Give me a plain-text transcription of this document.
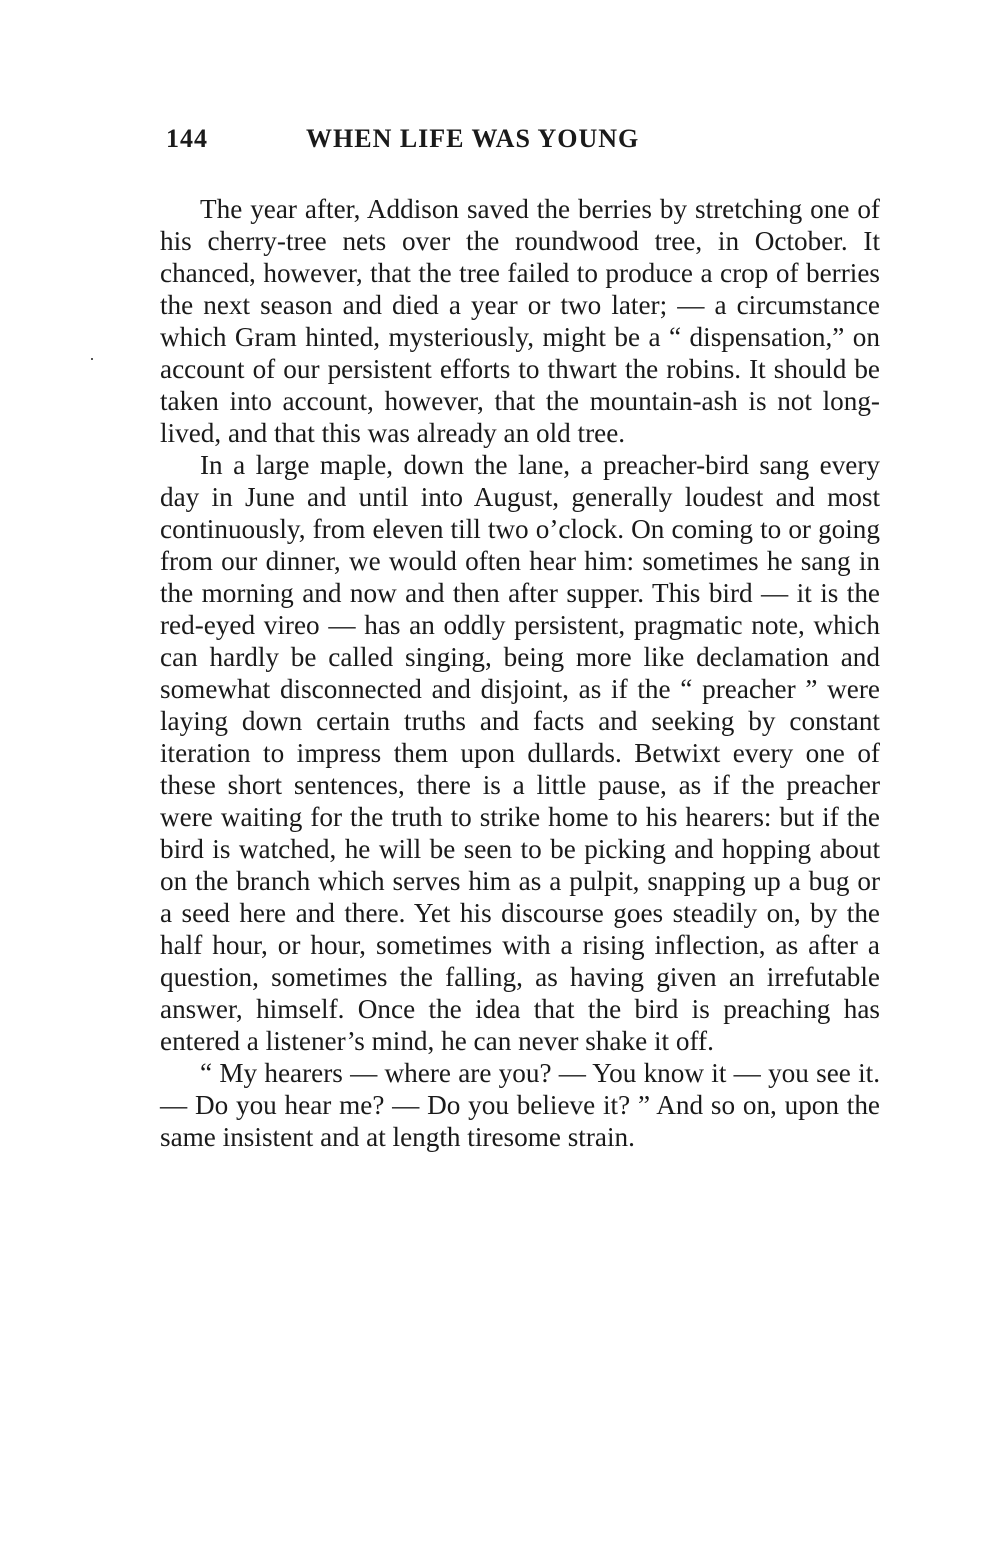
144	WHEN LIFE WAS YOUNG

The year after, Addison saved the berries by stretching one of his cherry-tree nets over the roundwood tree, in October. It chanced, however, that the tree failed to produce a crop of berries the next season and died a year or two later; — a circumstance which Gram hinted, mysteriously, might be a “ dispensation,” on account of our persistent efforts to thwart the robins. It should be taken into account, however, that the mountain-ash is not long-lived, and that this was already an old tree.

In a large maple, down the lane, a preacher-bird sang every day in June and until into August, generally loudest and most continuously, from eleven till two o’clock. On coming to or going from our dinner, we would often hear him: sometimes he sang in the morning and now and then after supper. This bird — it is the red-eyed vireo — has an oddly persistent, pragmatic note, which can hardly be called singing, being more like declamation and somewhat disconnected and disjoint, as if the “ preacher ” were laying down certain truths and facts and seeking by constant iteration to impress them upon dullards. Betwixt every one of these short sentences, there is a little pause, as if the preacher were waiting for the truth to strike home to his hearers: but if the bird is watched, he will be seen to be picking and hopping about on the branch which serves him as a pulpit, snapping up a bug or a seed here and there. Yet his discourse goes steadily on, by the half hour, or hour, sometimes with a rising inflection, as after a question, sometimes the falling, as having given an irrefutable answer, himself. Once the idea that the bird is preaching has entered a listener’s mind, he can never shake it off.

“ My hearers — where are you? — You know it — you see it. — Do you hear me? — Do you believe it? ” And so on, upon the same insistent and at length tiresome strain.
